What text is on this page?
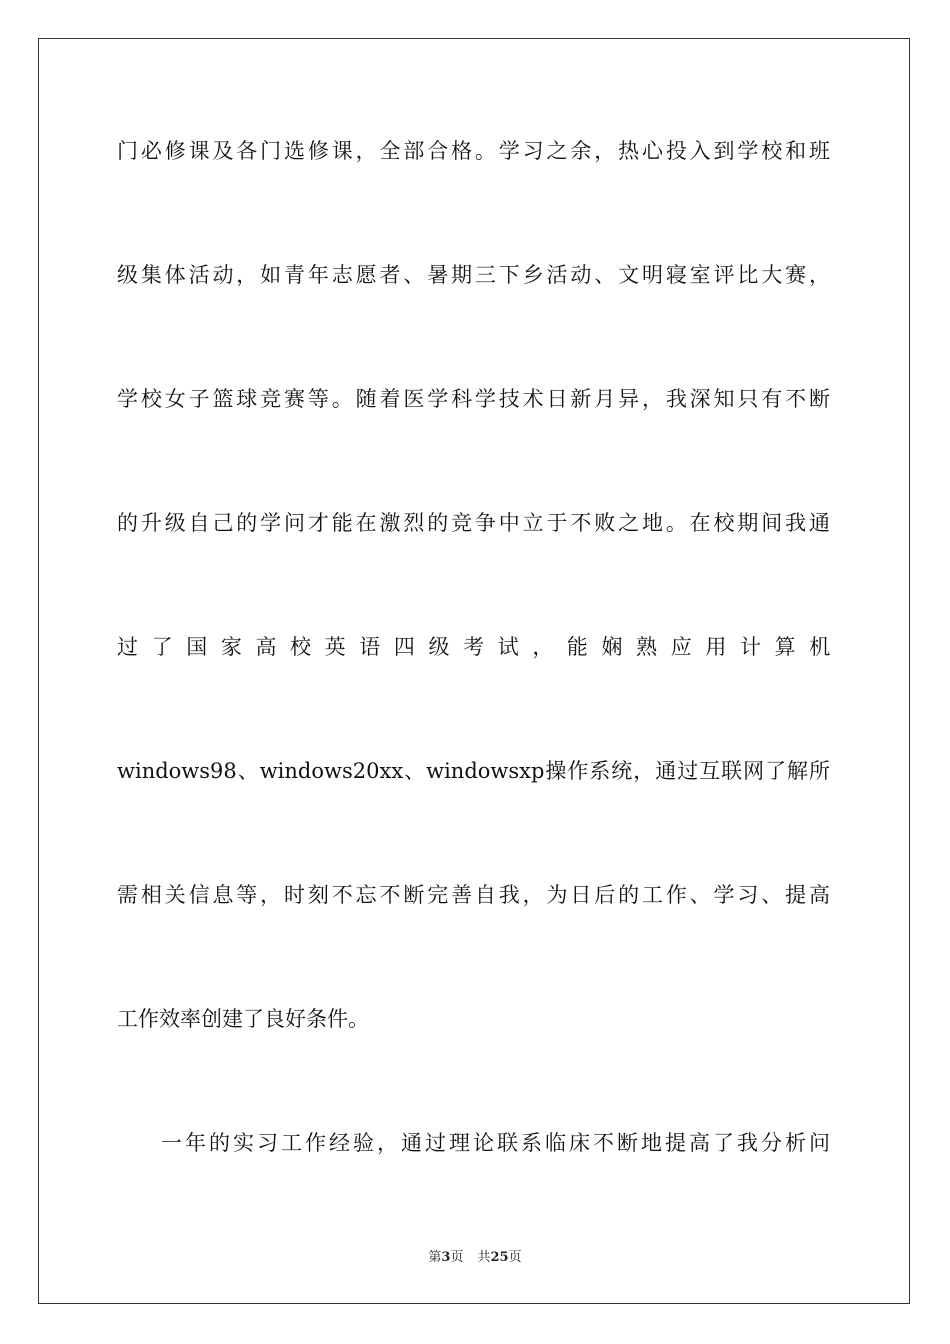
门必修课及各门选修课，全部合格。学习之余，热心投入到学校和班
级集体活动，如青年志愿者、暑期三下乡活动、文明寝室评比大赛，
学校女子篮球竞赛等。随着医学科学技术日新月异，我深知只有不断
的升级自己的学问才能在激烈的竞争中立于不败之地。在校期间我通
过 了 国 家 高 校 英 语 四 级 考 试 ， 能 娴 熟 应 用 计 算 机
windows98、windows20xx、windowsxp操作系统，通过互联网了解所
需相关信息等，时刻不忘不断完善自我，为日后的工作、学习、提高
工作效率创建了良好条件。
一年的实习工作经验，通过理论联系临床不断地提高了我分析问
第3页 共25页
